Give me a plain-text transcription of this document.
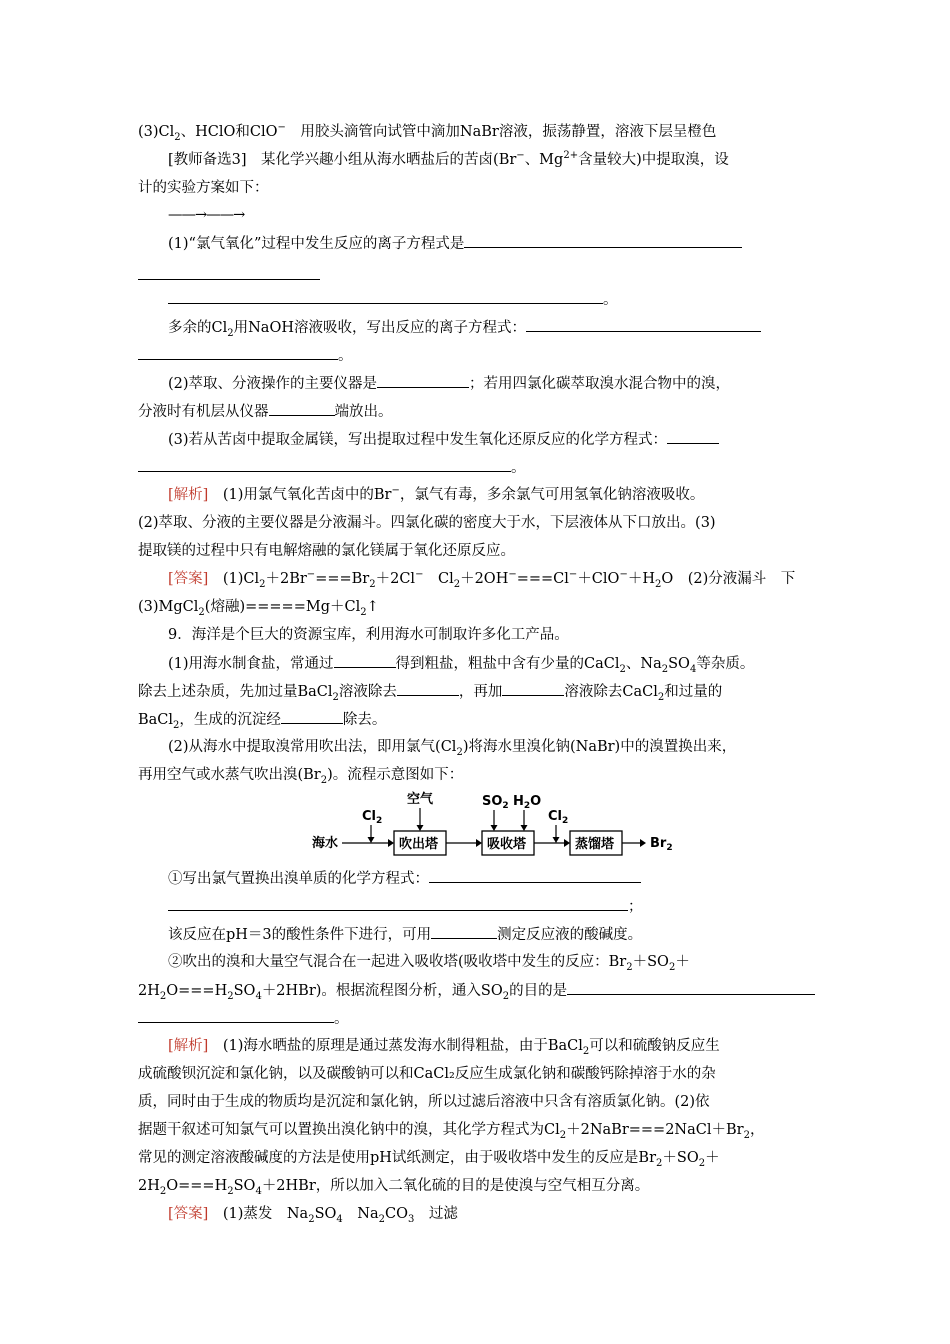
$(3)Cl_2$、HClO和ClO−　用胶头滴管向试管中滴加NaBr溶液，振荡静置，溶液下层呈橙色
[教师备选3]　某化学兴趣小组从海水晒盐后的苦卤(Br−、$Mg^{2+}$含量较大)中提取溴，设
计的实验方案如下：
——→——→
(1)“氯气氧化”过程中发生反应的离子方程式是
。
多余的$Cl_2$用NaOH溶液吸收，写出反应的离子方程式：
。
(2)萃取、分液操作的主要仪器是	；若用四氯化碳萃取溴水混合物中的溴，
分液时有机层从仪器	端放出。
(3)若从苦卤中提取金属镁，写出提取过程中发生氧化还原反应的化学方程式：
。
[解析]　(1)用氯气氧化苦卤中的Br−，氯气有毒，多余氯气可用氢氧化钠溶液吸收。
(2)萃取、分液的主要仪器是分液漏斗。四氯化碳的密度大于水，下层液体从下口放出。(3)
提取镁的过程中只有电解熔融的氯化镁属于氧化还原反应。
[答案]　$(1)Cl_2+2Br^-===Br_2+2Cl^-$　$Cl_2+2OH^-===Cl^-+ClO^-+H_2O$　(2)分液漏斗　下
(3)MgCl$_2$(熔融)$=====Mg+Cl_2↑$
9．海洋是个巨大的资源宝库，利用海水可制取许多化工产品。
(1)用海水制食盐，常通过	得到粗盐，粗盐中含有少量的CaCl$_2$、$Na_2SO_4$等杂质。
除去上述杂质，先加过量BaCl$_2$溶液除去	，再加	溶液除去CaCl$_2$和过量的
BaCl$_2$，生成的沉淀经	除去。
(2)从海水中提取溴常用吹出法，即用氯气$(Cl_2)$将海水里溴化钠(NaBr)中的溴置换出来，
再用空气或水蒸气吹出溴$(Br_2)$。流程示意图如下：
海水
$Cl_2$
吹出塔
空气
吸收塔
$SO_2$ $H_2O$
$Cl_2$
蒸馏塔	$Br_2$
①写出氯气置换出溴单质的化学方程式：
；
该反应在pH＝3的酸性条件下进行，可用	测定反应液的酸碱度。
②吹出的溴和大量空气混合在一起进入吸收塔(吸收塔中发生的反应：$Br_2+SO_2+$
$2H_2O===H_2SO_4+2HBr$)。根据流程图分析，通入$SO_2$的目的是
。
[解析]　(1)海水晒盐的原理是通过蒸发海水制得粗盐，由于BaCl$_2$可以和硫酸钠反应生
成硫酸钡沉淀和氯化钠，以及碳酸钠可以和CaCl₂反应生成氯化钠和碳酸钙除掉溶于水的杂
质，同时由于生成的物质均是沉淀和氯化钠，所以过滤后溶液中只含有溶质氯化钠。(2)依
据题干叙述可知氯气可以置换出溴化钠中的溴，其化学方程式为$Cl_2+2NaBr===2NaCl+Br_2$，
常见的测定溶液酸碱度的方法是使用pH试纸测定，由于吸收塔中发生的反应是$Br_2+SO_2+$
$2H_2O===H_2SO_4+2HBr$，所以加入二氧化硫的目的是使溴与空气相互分离。
[答案]　(1)蒸发　$Na_2SO_4$　$Na_2CO_3$　过滤
